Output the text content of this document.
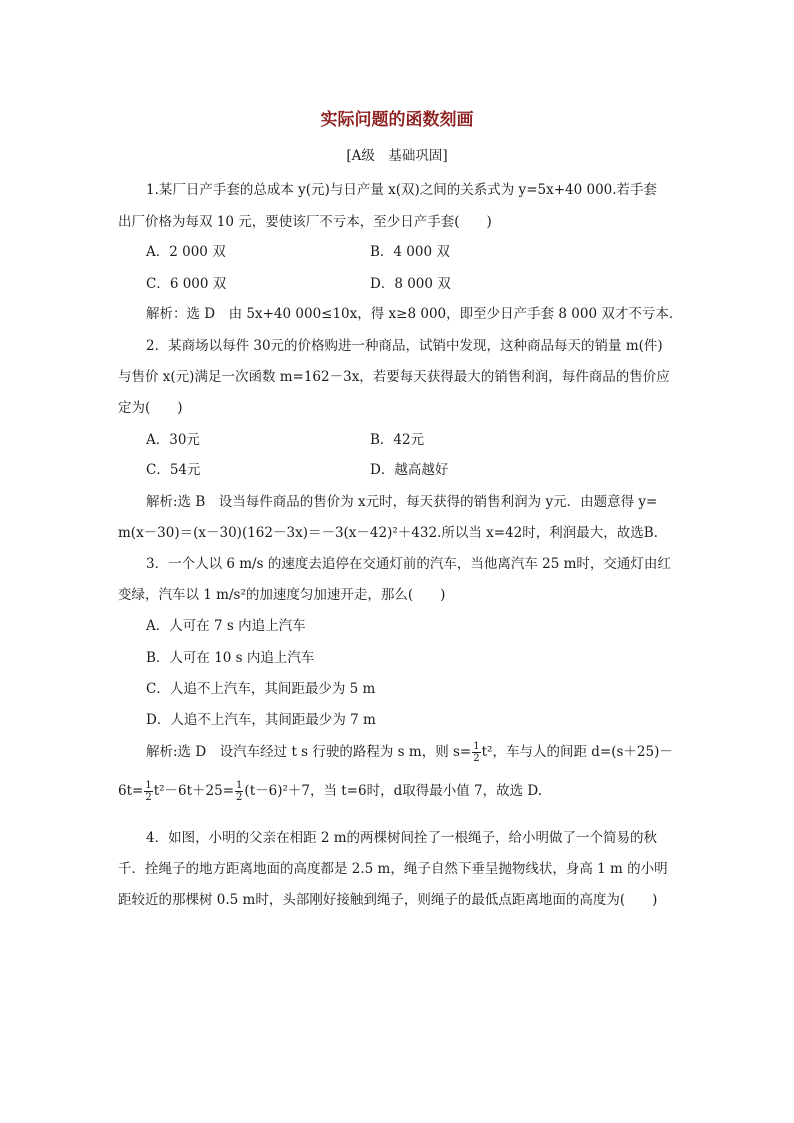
实际问题的函数刻画
[A级　基础巩固]
1.某厂日产手套的总成本 y(元)与日产量 x(双)之间的关系式为 y=5x+40 000.若手套
出厂价格为每双 10 元，要使该厂不亏本，至少日产手套(　　)
A．2 000 双	B．4 000 双
C．6 000 双	D．8 000 双
解析：选 D　由 5x+40 000≤10x，得 x≥8 000，即至少日产手套 8 000 双才不亏本．
2．某商场以每件 30元的价格购进一种商品，试销中发现，这种商品每天的销量 m(件)
与售价 x(元)满足一次函数 m=162－3x，若要每天获得最大的销售利润，每件商品的售价应
定为(　　)
A．30元	B．42元
C．54元	D．越高越好
解析:选 B　设当每件商品的售价为 x元时，每天获得的销售利润为 y元．由题意得 y=
m(x－30)＝(x－30)(162－3x)＝－3(x－42)²＋432.所以当 x=42时，利润最大，故选B.
3．一个人以 6 m/s 的速度去追停在交通灯前的汽车，当他离汽车 25 m时，交通灯由红
变绿，汽车以 1 m/s²的加速度匀加速开走，那么(　　)
A．人可在 7 s 内追上汽车
B．人可在 10 s 内追上汽车
C．人追不上汽车，其间距最少为 5 m
D．人追不上汽车，其间距最少为 7 m
解析:选 D　设汽车经过 t s 行驶的路程为 s m，则 $s= \frac{1}{2} t^2$，车与人的间距 d=(s＋25)－
$6t= \frac{1}{2} t^2-6t+25= \frac{1}{2} (t-6)^2+7$，当 t=6时，d取得最小值 7，故选 D.
4．如图，小明的父亲在相距 2 m的两棵树间拴了一根绳子，给小明做了一个简易的秋
千．拴绳子的地方距离地面的高度都是 2.5 m，绳子自然下垂呈抛物线状，身高 1 m 的小明
距较近的那棵树 0.5 m时，头部刚好接触到绳子，则绳子的最低点距离地面的高度为(　　)
